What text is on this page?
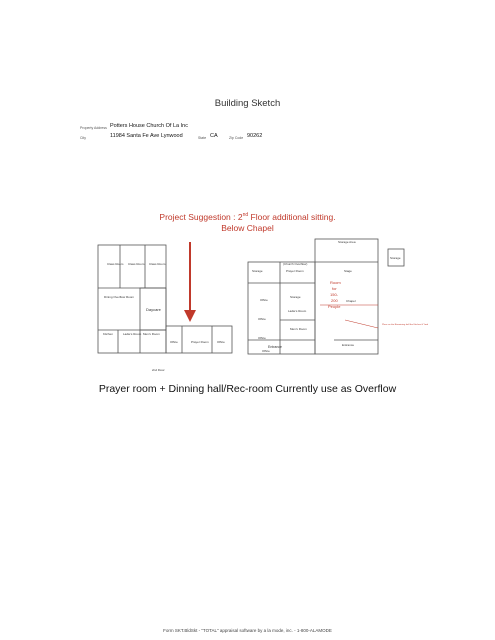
Building Sketch
Property Address Potters House Church Of La Inc
City	11984 Santa Fe Ave Lynwood	State CA	Zip Code 90262
Project Suggestion : 2nd Floor additional sitting.
Below Chapel
Class Room Class Room Class Room
Dining Overflow Room
Daycare
Kitchen	Ladie's Room Men's Room
Office	Prayer Room	Office
2nd Floor
Storage Area
Storage	Prayer Room
(Church Overflow)
Stage
Office
Storage
Office
Ladie's Room
Office
Men's Room
Office
Entrance	Entrance
Chapel
Storage
Room
for
150-
200
People
Plans on the Remaining half the Kitchen & Yard
Prayer room + Dinning hall/Rec-room Currently use as Overflow
Form SKT.BldSkt - "TOTAL" appraisal software by a la mode, inc. - 1-800-ALAMODE
